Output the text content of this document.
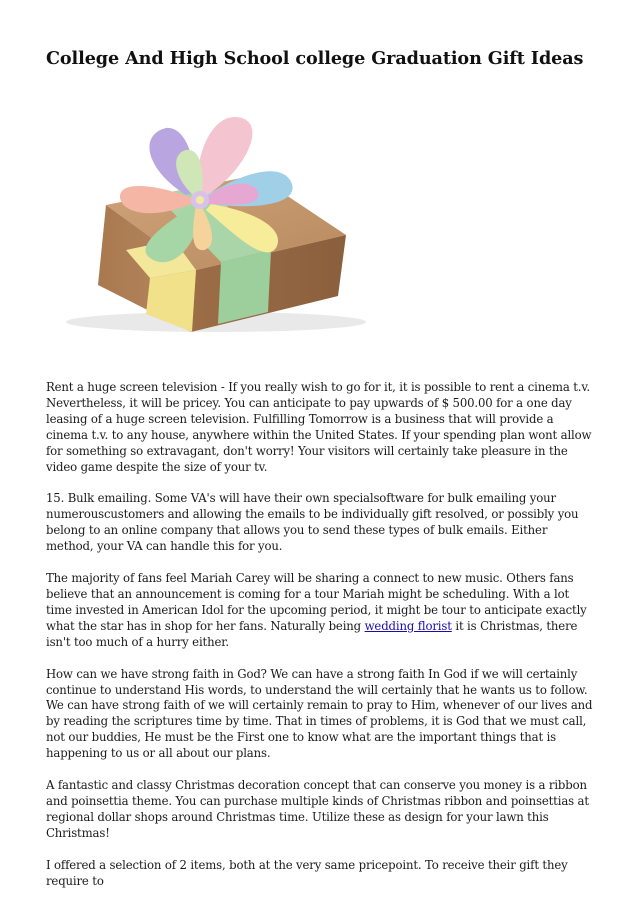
College And High School college Graduation Gift Ideas

Rent a huge screen television - If you really wish to go for it, it is possible to rent a cinema t.v. Nevertheless, it will be pricey. You can anticipate to pay upwards of $ 500.00 for a one day leasing of a huge screen television. Fulfilling Tomorrow is a business that will provide a cinema t.v. to any house, anywhere within the United States. If your spending plan wont allow for something so extravagant, don't worry! Your visitors will certainly take pleasure in the video game despite the size of your tv.

15. Bulk emailing. Some VA's will have their own specialsoftware for bulk emailing your numerouscustomers and allowing the emails to be individually gift resolved, or possibly you belong to an online company that allows you to send these types of bulk emails. Either method, your VA can handle this for you.

The majority of fans feel Mariah Carey will be sharing a connect to new music. Others fans believe that an announcement is coming for a tour Mariah might be scheduling. With a lot time invested in American Idol for the upcoming period, it might be tour to anticipate exactly what the star has in shop for her fans. Naturally being wedding florist it is Christmas, there isn't too much of a hurry either.

How can we have strong faith in God? We can have a strong faith In God if we will certainly continue to understand His words, to understand the will certainly that he wants us to follow. We can have strong faith of we will certainly remain to pray to Him, whenever of our lives and by reading the scriptures time by time. That in times of problems, it is God that we must call, not our buddies, He must be the First one to know what are the important things that is happening to us or all about our plans.

A fantastic and classy Christmas decoration concept that can conserve you money is a ribbon and poinsettia theme. You can purchase multiple kinds of Christmas ribbon and poinsettias at regional dollar shops around Christmas time. Utilize these as design for your lawn this Christmas!

I offered a selection of 2 items, both at the very same pricepoint. To receive their gift they require to
